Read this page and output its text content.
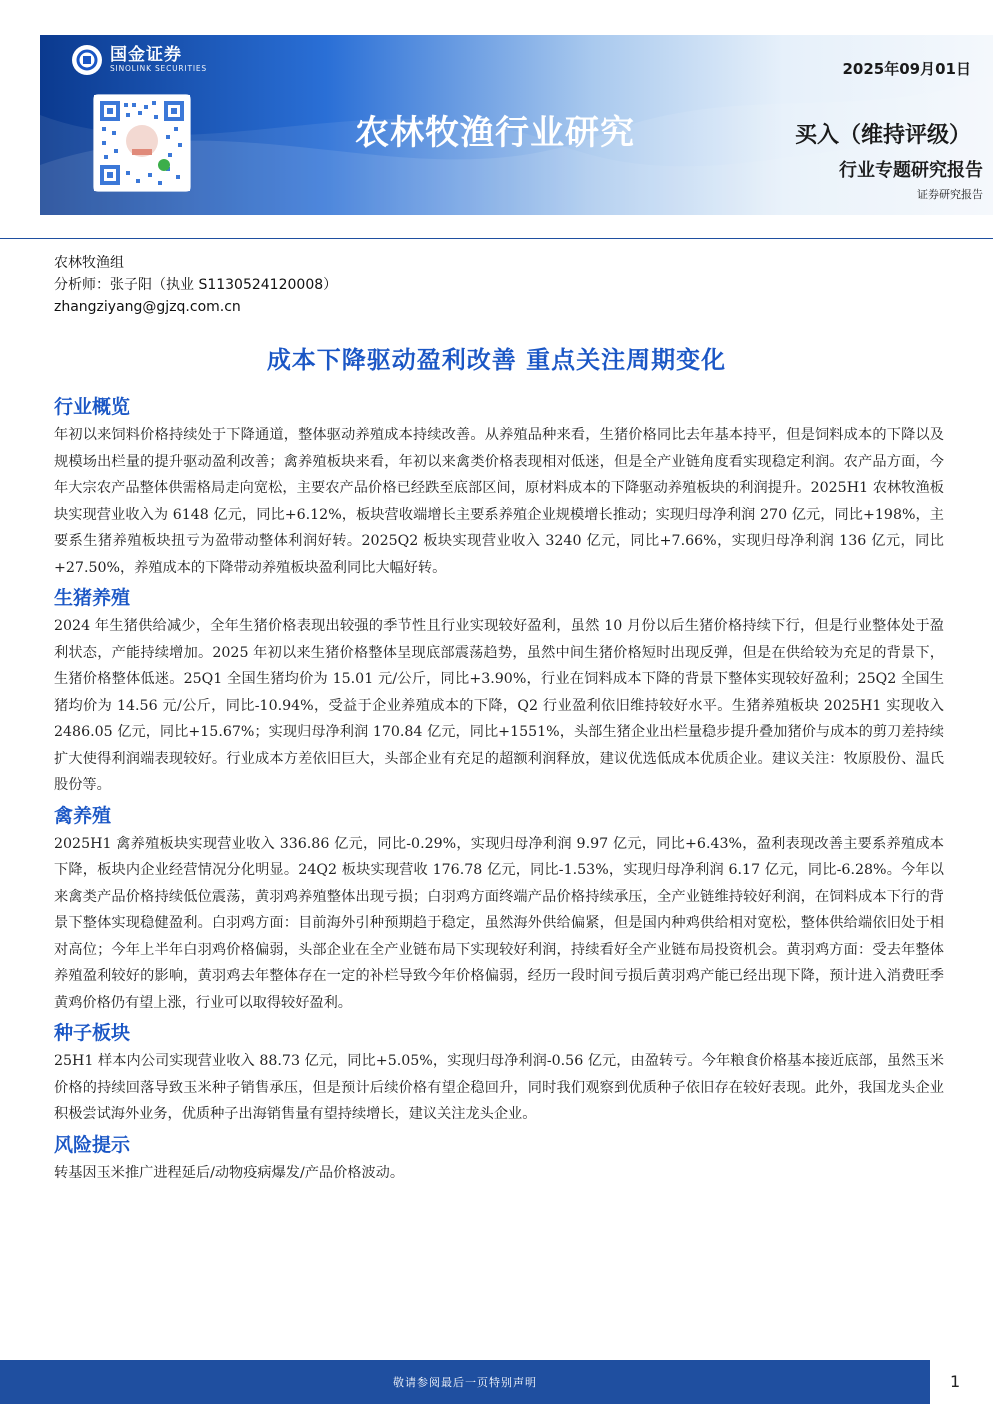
国金证券
SINOLINK SECURITIES	2025年09月01日
农林牧渔行业研究	买入（维持评级）
行业专题研究报告
证券研究报告
农林牧渔组
分析师：张子阳（执业 S1130524120008）
zhangziyang@gjzq.com.cn
成本下降驱动盈利改善 重点关注周期变化
行业概览

年初以来饲料价格持续处于下降通道，整体驱动养殖成本持续改善。从养殖品种来看，生猪价格同比去年基本持平，但是饲料成本的下降以及规模场出栏量的提升驱动盈利改善；禽养殖板块来看，年初以来禽类价格表现相对低迷，但是全产业链角度看实现稳定利润。农产品方面，今年大宗农产品整体供需格局走向宽松，主要农产品价格已经跌至底部区间，原材料成本的下降驱动养殖板块的利润提升。2025H1 农林牧渔板块实现营业收入为 6148 亿元，同比+6.12%，板块营收端增长主要系养殖企业规模增长推动；实现归母净利润 270 亿元，同比+198%，主要系生猪养殖板块扭亏为盈带动整体利润好转。2025Q2 板块实现营业收入 3240 亿元，同比+7.66%，实现归母净利润 136 亿元，同比+27.50%，养殖成本的下降带动养殖板块盈利同比大幅好转。

生猪养殖

2024 年生猪供给减少，全年生猪价格表现出较强的季节性且行业实现较好盈利，虽然 10 月份以后生猪价格持续下行，但是行业整体处于盈利状态，产能持续增加。2025 年初以来生猪价格整体呈现底部震荡趋势，虽然中间生猪价格短时出现反弹，但是在供给较为充足的背景下，生猪价格整体低迷。25Q1 全国生猪均价为 15.01 元/公斤，同比+3.90%，行业在饲料成本下降的背景下整体实现较好盈利；25Q2 全国生猪均价为 14.56 元/公斤，同比-10.94%，受益于企业养殖成本的下降，Q2 行业盈利依旧维持较好水平。生猪养殖板块 2025H1 实现收入 2486.05 亿元，同比+15.67%；实现归母净利润 170.84 亿元，同比+1551%，头部生猪企业出栏量稳步提升叠加猪价与成本的剪刀差持续扩大使得利润端表现较好。行业成本方差依旧巨大，头部企业有充足的超额利润释放，建议优选低成本优质企业。建议关注：牧原股份、温氏股份等。

禽养殖

2025H1 禽养殖板块实现营业收入 336.86 亿元，同比-0.29%，实现归母净利润 9.97 亿元，同比+6.43%，盈利表现改善主要系养殖成本下降，板块内企业经营情况分化明显。24Q2 板块实现营收 176.78 亿元，同比-1.53%，实现归母净利润 6.17 亿元，同比-6.28%。今年以来禽类产品价格持续低位震荡，黄羽鸡养殖整体出现亏损；白羽鸡方面终端产品价格持续承压，全产业链维持较好利润，在饲料成本下行的背景下整体实现稳健盈利。白羽鸡方面：目前海外引种预期趋于稳定，虽然海外供给偏紧，但是国内种鸡供给相对宽松，整体供给端依旧处于相对高位；今年上半年白羽鸡价格偏弱，头部企业在全产业链布局下实现较好利润，持续看好全产业链布局投资机会。黄羽鸡方面：受去年整体养殖盈利较好的影响，黄羽鸡去年整体存在一定的补栏导致今年价格偏弱，经历一段时间亏损后黄羽鸡产能已经出现下降，预计进入消费旺季黄鸡价格仍有望上涨，行业可以取得较好盈利。

种子板块

25H1 样本内公司实现营业收入 88.73 亿元，同比+5.05%，实现归母净利润-0.56 亿元，由盈转亏。今年粮食价格基本接近底部，虽然玉米价格的持续回落导致玉米种子销售承压，但是预计后续价格有望企稳回升，同时我们观察到优质种子依旧存在较好表现。此外，我国龙头企业积极尝试海外业务，优质种子出海销售量有望持续增长，建议关注龙头企业。

风险提示

转基因玉米推广进程延后/动物疫病爆发/产品价格波动。

敬请参阅最后一页特别声明	1
